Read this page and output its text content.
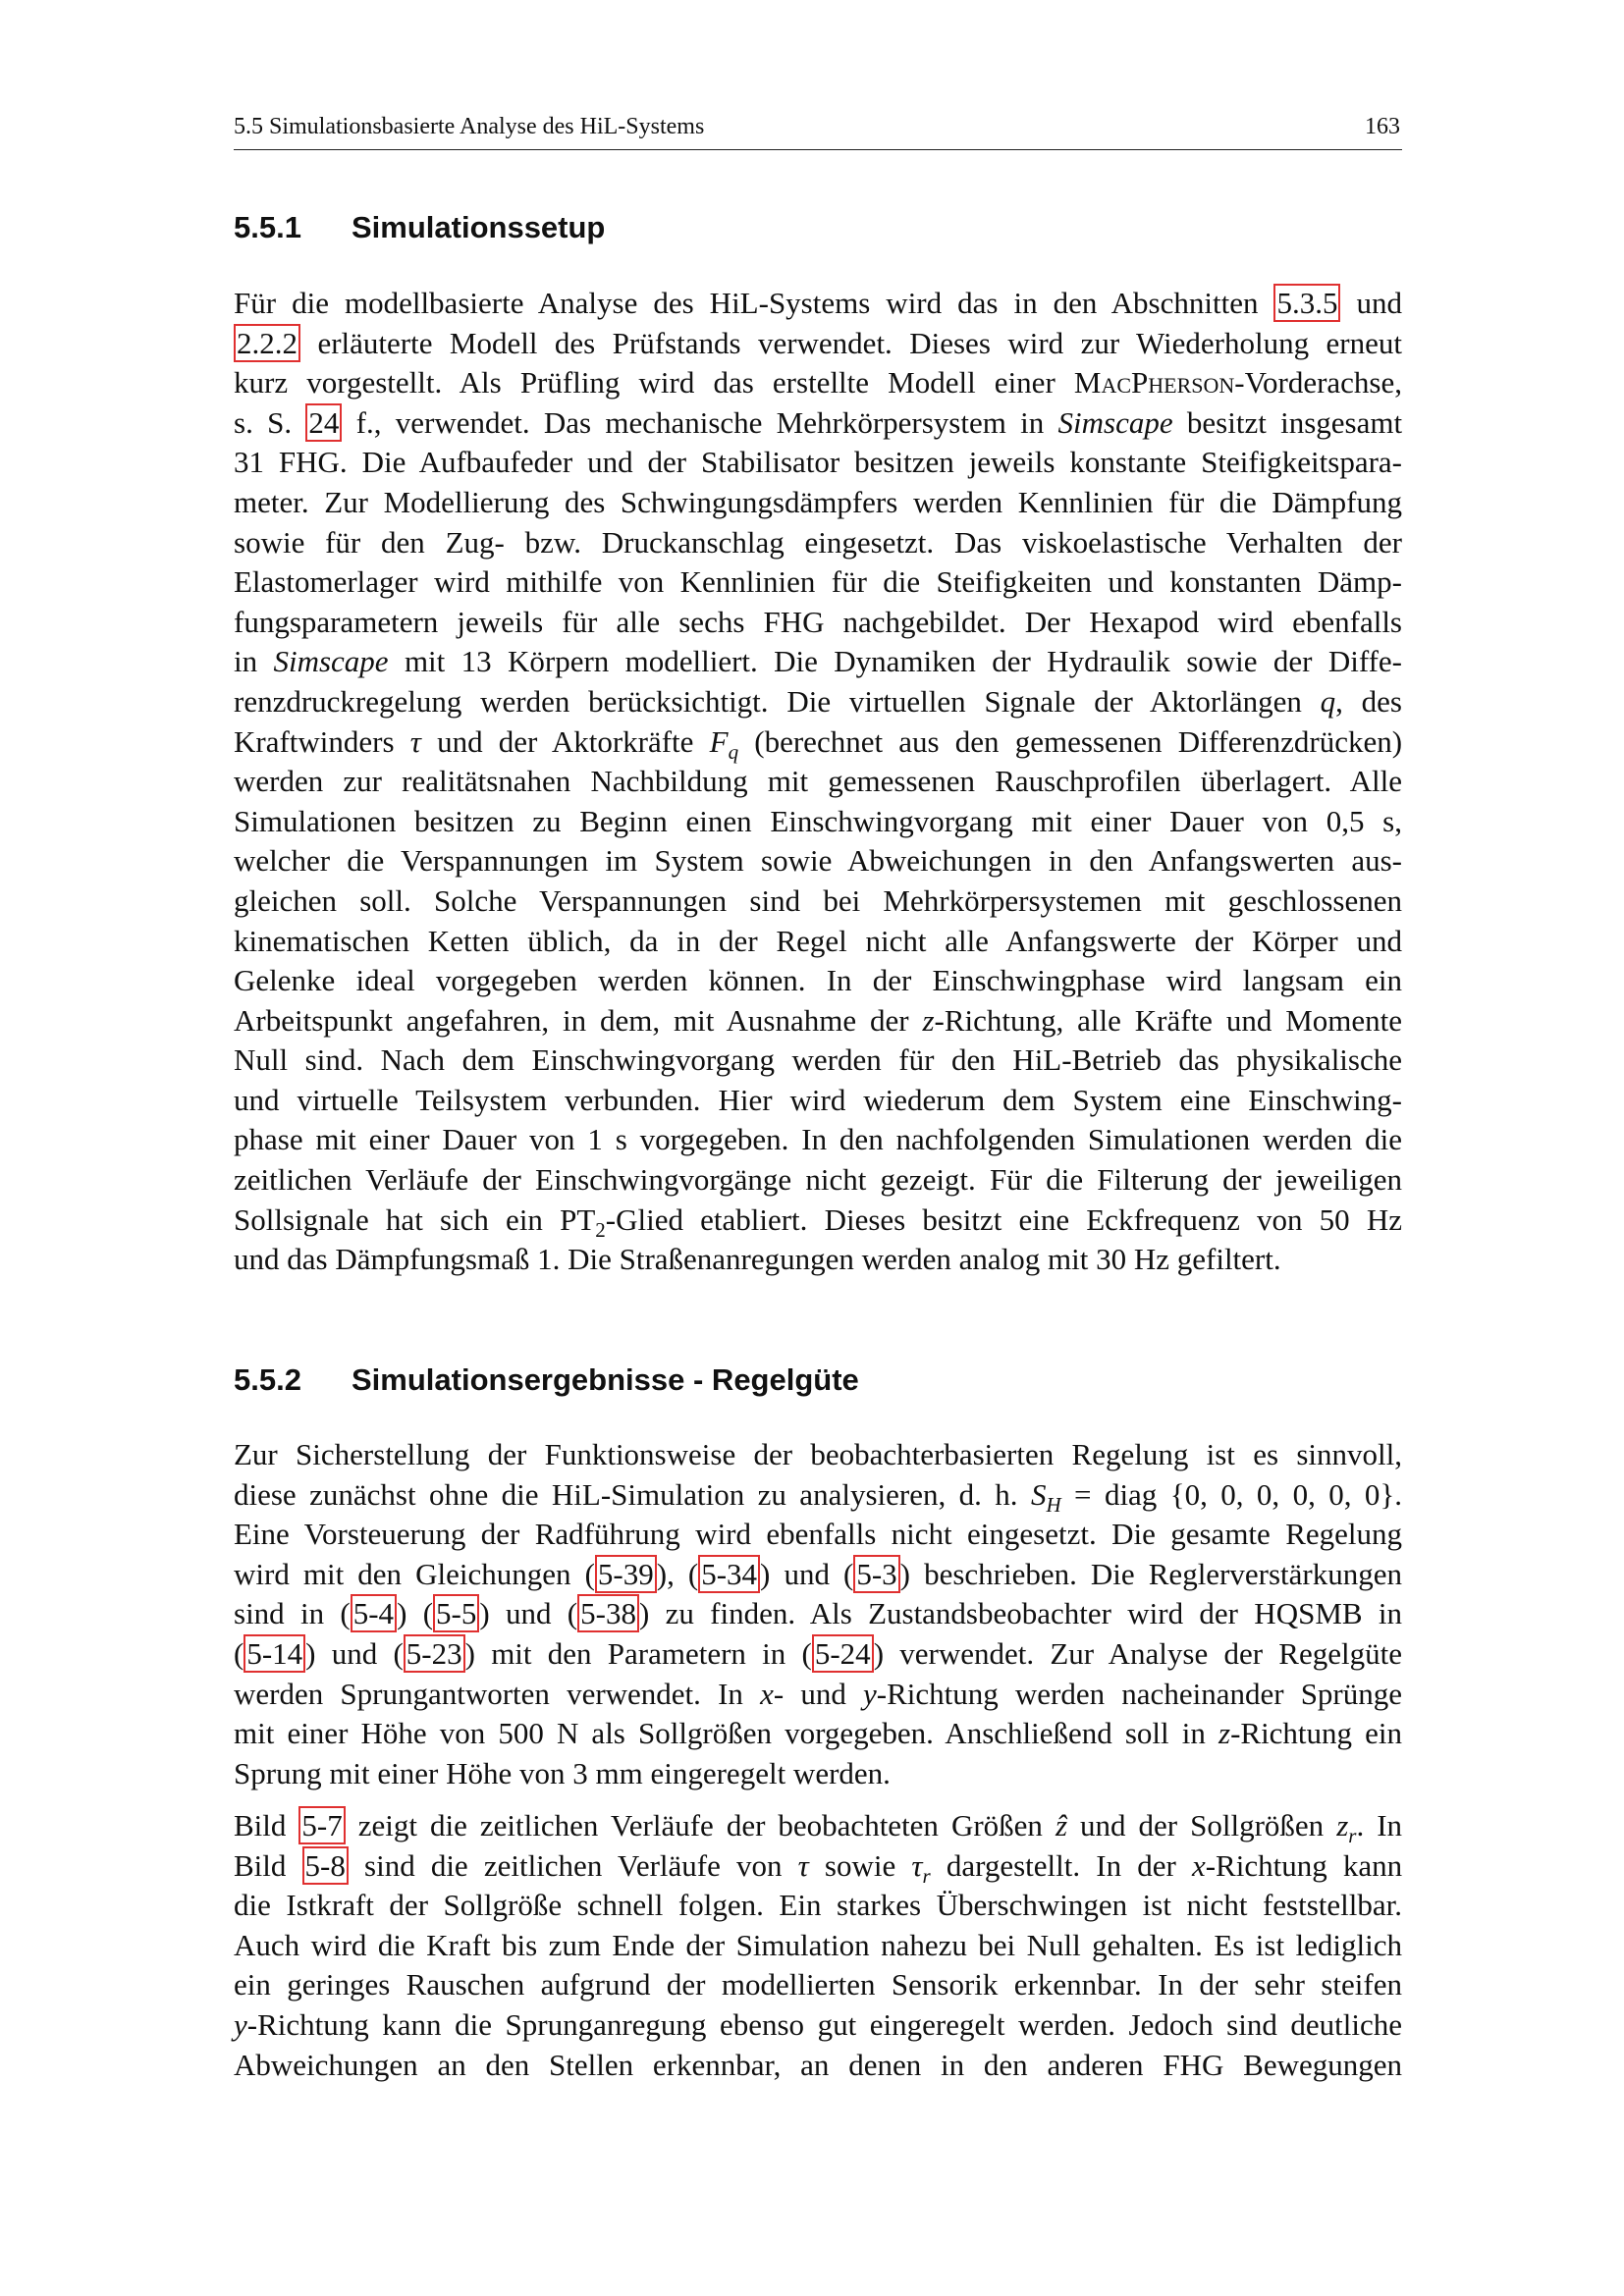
5.5 Simulationsbasierte Analyse des HiL-Systems	163
5.5.1 Simulationssetup
Für die modellbasierte Analyse des HiL-Systems wird das in den Abschnitten 5.3.5 und
2.2.2 erläuterte Modell des Prüfstands verwendet. Dieses wird zur Wiederholung erneut
kurz vorgestellt. Als Prüfling wird das erstellte Modell einer MacPherson-Vorderachse,
s. S. 24 f., verwendet. Das mechanische Mehrkörpersystem in Simscape besitzt insgesamt
31 FHG. Die Aufbaufeder und der Stabilisator besitzen jeweils konstante Steifigkeitspara-
meter. Zur Modellierung des Schwingungsdämpfers werden Kennlinien für die Dämpfung
sowie für den Zug- bzw. Druckanschlag eingesetzt. Das viskoelastische Verhalten der
Elastomerlager wird mithilfe von Kennlinien für die Steifigkeiten und konstanten Dämp-
fungsparametern jeweils für alle sechs FHG nachgebildet. Der Hexapod wird ebenfalls
in Simscape mit 13 Körpern modelliert. Die Dynamiken der Hydraulik sowie der Diffe-
renzdruckregelung werden berücksichtigt. Die virtuellen Signale der Aktorlängen q, des
Kraftwinders τ und der Aktorkräfte $F_q$ (berechnet aus den gemessenen Differenzdrücken)
werden zur realitätsnahen Nachbildung mit gemessenen Rauschprofilen überlagert. Alle
Simulationen besitzen zu Beginn einen Einschwingvorgang mit einer Dauer von 0,5 s,
welcher die Verspannungen im System sowie Abweichungen in den Anfangswerten aus-
gleichen soll. Solche Verspannungen sind bei Mehrkörpersystemen mit geschlossenen
kinematischen Ketten üblich, da in der Regel nicht alle Anfangswerte der Körper und
Gelenke ideal vorgegeben werden können. In der Einschwingphase wird langsam ein
Arbeitspunkt angefahren, in dem, mit Ausnahme der z-Richtung, alle Kräfte und Momente
Null sind. Nach dem Einschwingvorgang werden für den HiL-Betrieb das physikalische
und virtuelle Teilsystem verbunden. Hier wird wiederum dem System eine Einschwing-
phase mit einer Dauer von 1 s vorgegeben. In den nachfolgenden Simulationen werden die
zeitlichen Verläufe der Einschwingvorgänge nicht gezeigt. Für die Filterung der jeweiligen
Sollsignale hat sich ein $PT_2$-Glied etabliert. Dieses besitzt eine Eckfrequenz von 50 Hz
und das Dämpfungsmaß 1. Die Straßenanregungen werden analog mit 30 Hz gefiltert.
5.5.2 Simulationsergebnisse - Regelgüte
Zur Sicherstellung der Funktionsweise der beobachterbasierten Regelung ist es sinnvoll,
diese zunächst ohne die HiL-Simulation zu analysieren, d. h. $S_H$ = diag {0, 0, 0, 0, 0, 0}.
Eine Vorsteuerung der Radführung wird ebenfalls nicht eingesetzt. Die gesamte Regelung
wird mit den Gleichungen (5-39), (5-34) und (5-3) beschrieben. Die Reglerverstärkungen
sind in (5-4) (5-5) und (5-38) zu finden. Als Zustandsbeobachter wird der HQSMB in
(5-14) und (5-23) mit den Parametern in (5-24) verwendet. Zur Analyse der Regelgüte
werden Sprungantworten verwendet. In x- und y-Richtung werden nacheinander Sprünge
mit einer Höhe von 500 N als Sollgrößen vorgegeben. Anschließend soll in z-Richtung ein
Sprung mit einer Höhe von 3 mm eingeregelt werden.
Bild 5-7 zeigt die zeitlichen Verläufe der beobachteten Größen ẑ und der Sollgrößen $z_r$. In
Bild 5-8 sind die zeitlichen Verläufe von τ sowie $\tau_r$ dargestellt. In der x-Richtung kann
die Istkraft der Sollgröße schnell folgen. Ein starkes Überschwingen ist nicht feststellbar.
Auch wird die Kraft bis zum Ende der Simulation nahezu bei Null gehalten. Es ist lediglich
ein geringes Rauschen aufgrund der modellierten Sensorik erkennbar. In der sehr steifen
y-Richtung kann die Sprunganregung ebenso gut eingeregelt werden. Jedoch sind deutliche
Abweichungen an den Stellen erkennbar, an denen in den anderen FHG Bewegungen
